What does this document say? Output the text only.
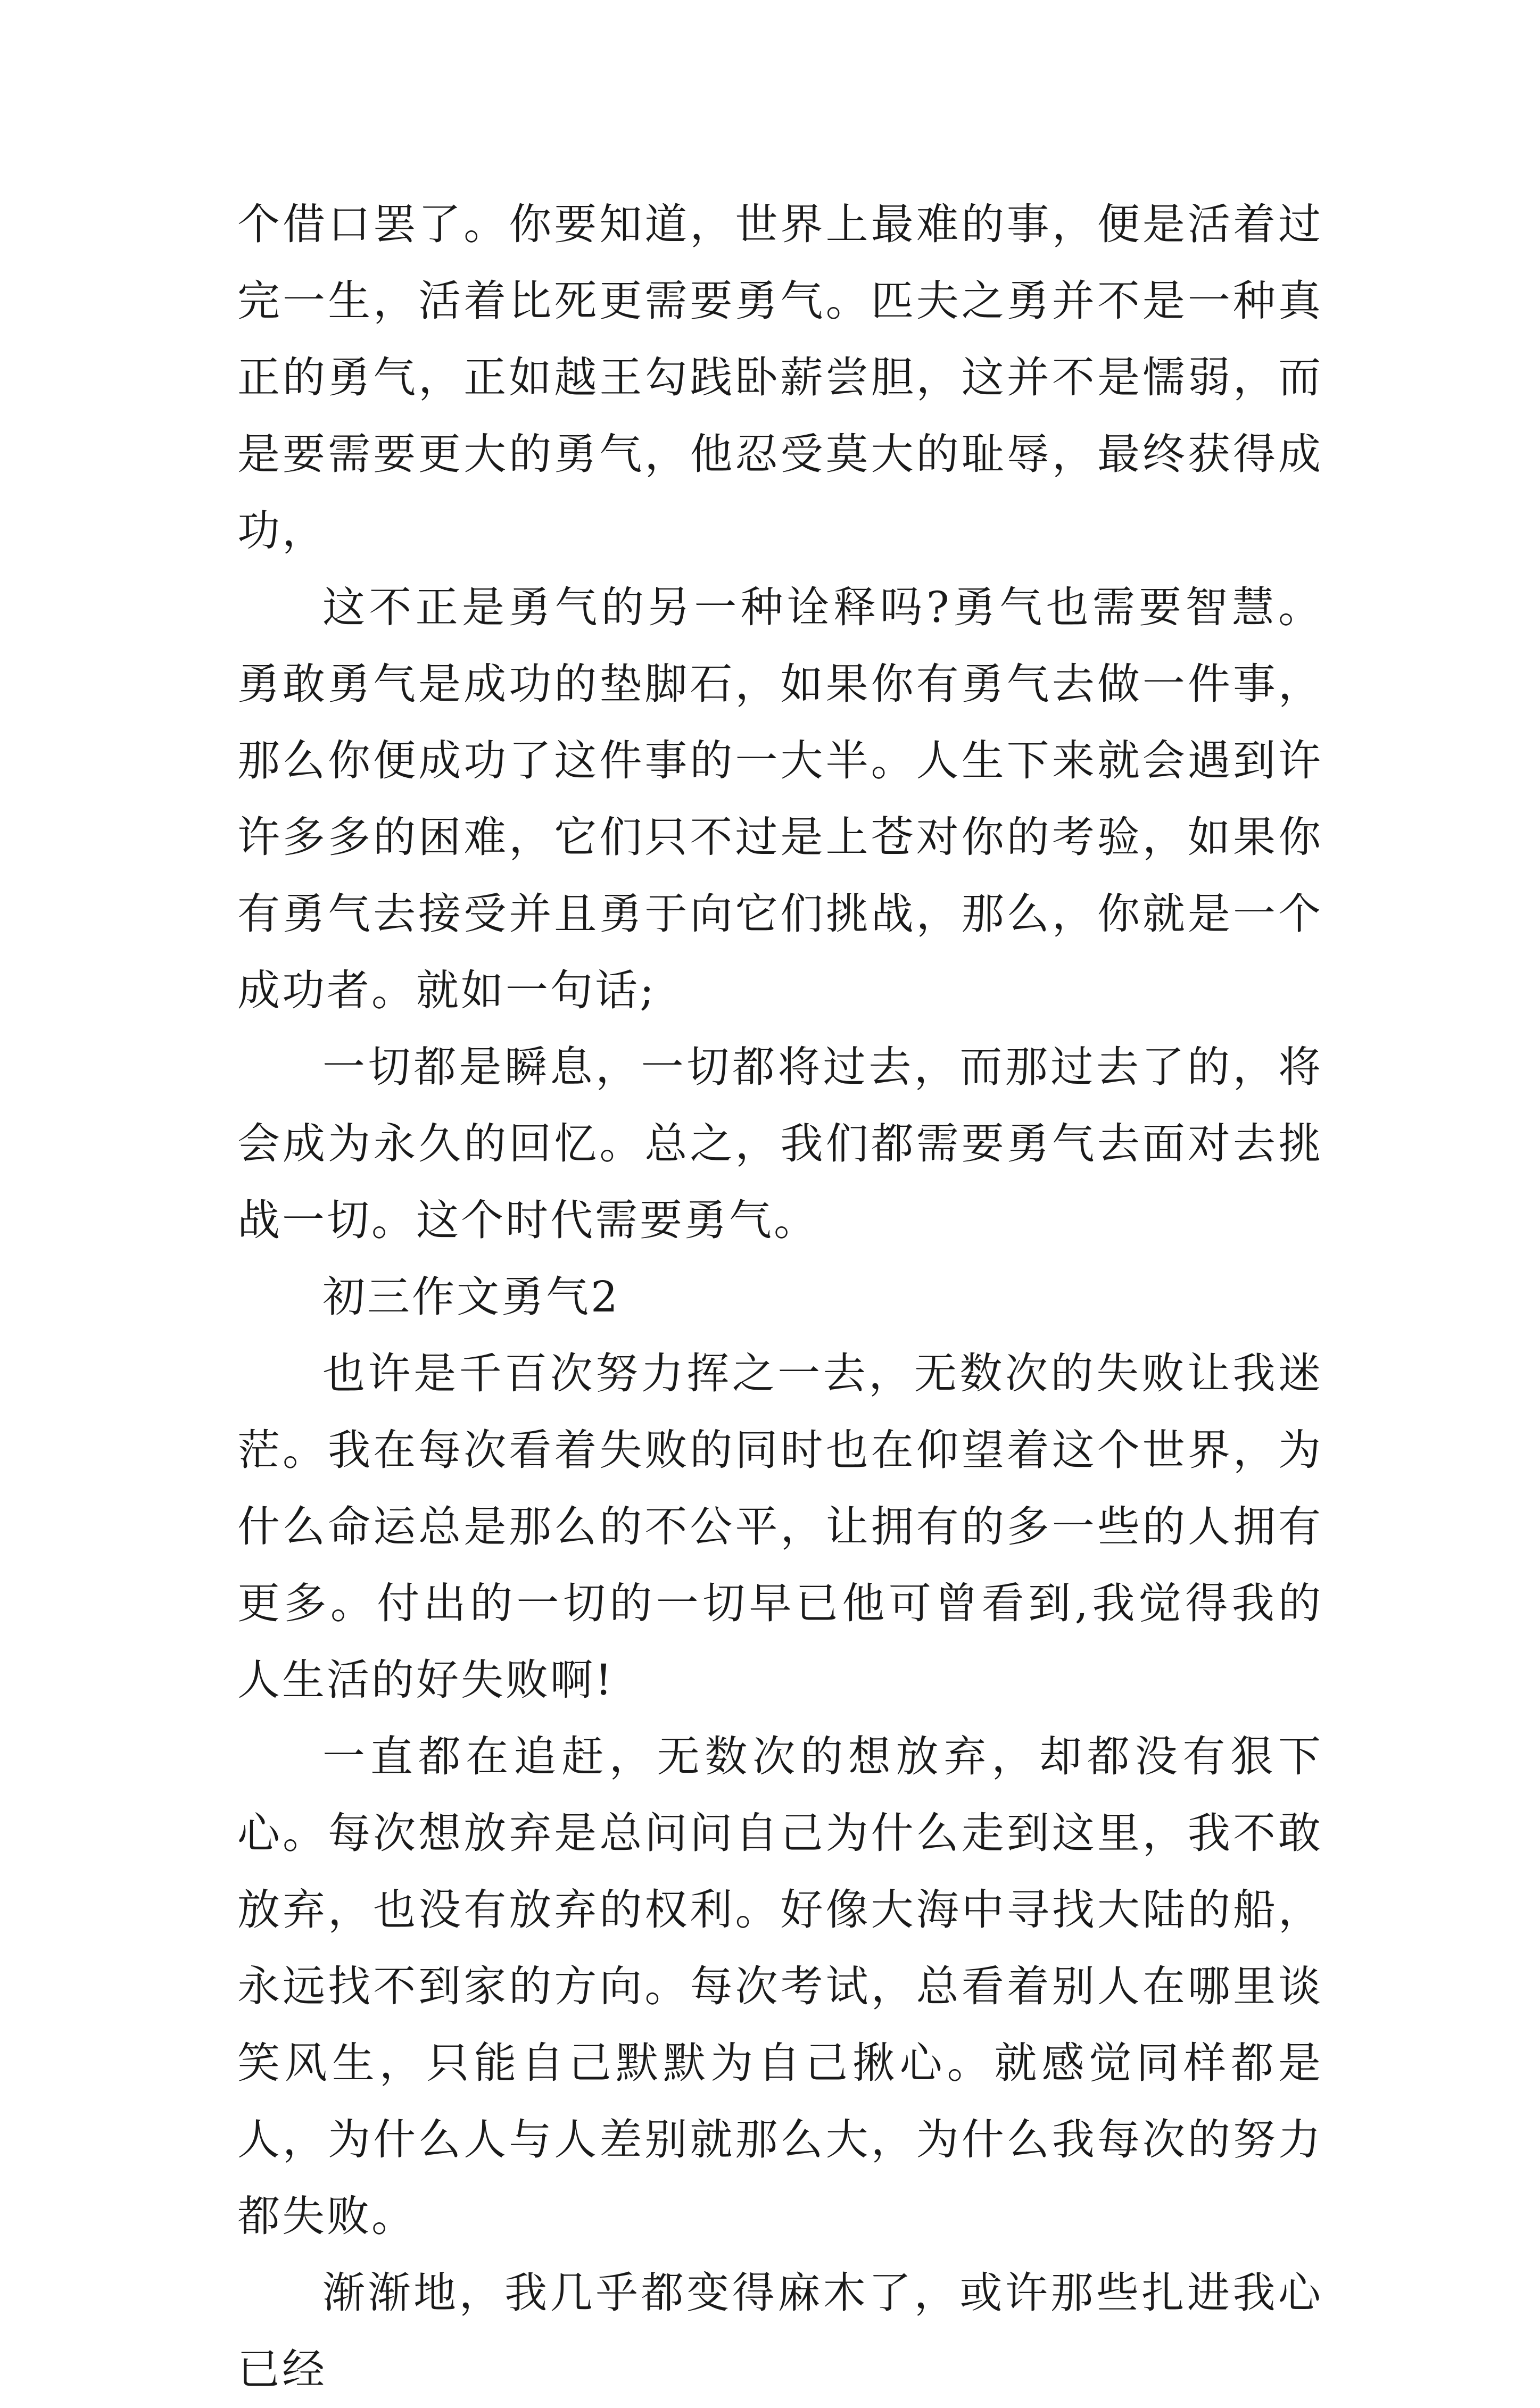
个借口罢了。你要知道，世界上最难的事，便是活着过完一生，活着比死更需要勇气。匹夫之勇并不是一种真正的勇气，正如越王勾践卧薪尝胆，这并不是懦弱，而是要需要更大的勇气，他忍受莫大的耻辱，最终获得成功，

这不正是勇气的另一种诠释吗?勇气也需要智慧。勇敢勇气是成功的垫脚石，如果你有勇气去做一件事，那么你便成功了这件事的一大半。人生下来就会遇到许许多多的困难，它们只不过是上苍对你的考验，如果你有勇气去接受并且勇于向它们挑战，那么，你就是一个成功者。就如一句话;

一切都是瞬息，一切都将过去，而那过去了的，将会成为永久的回忆。总之，我们都需要勇气去面对去挑战一切。这个时代需要勇气。

初三作文勇气2

也许是千百次努力挥之一去，无数次的失败让我迷茫。我在每次看着失败的同时也在仰望着这个世界，为什么命运总是那么的不公平，让拥有的多一些的人拥有更多。付出的一切的一切早已他可曾看到,我觉得我的人生活的好失败啊!

一直都在追赶，无数次的想放弃，却都没有狠下心。每次想放弃是总问问自己为什么走到这里，我不敢放弃，也没有放弃的权利。好像大海中寻找大陆的船，永远找不到家的方向。每次考试，总看着别人在哪里谈笑风生，只能自己默默为自己揪心。就感觉同样都是人，为什么人与人差别就那么大，为什么我每次的努力都失败。

渐渐地，我几乎都变得麻木了，或许那些扎进我心已经
